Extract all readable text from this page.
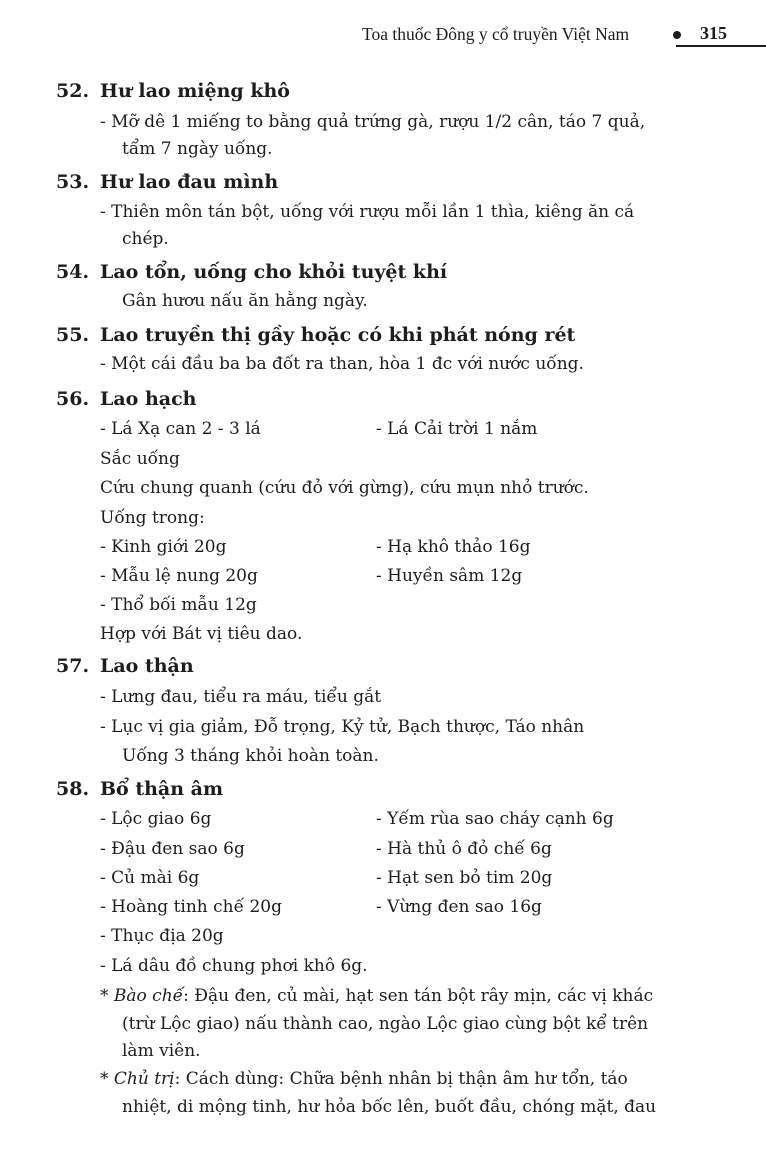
Toa thuốc Đông y cổ truyền Việt Nam	315
52. Hư lao miệng khô
- Mỡ dê 1 miếng to bằng quả trứng gà, rượu 1/2 cân, táo 7 quả,
tẩm 7 ngày uống.
53. Hư lao đau mình
- Thiên môn tán bột, uống với rượu mỗi lần 1 thìa, kiêng ăn cá
chép.
54. Lao tổn, uống cho khỏi tuyệt khí
Gân hươu nấu ăn hằng ngày.
55. Lao truyền thị gầy hoặc có khi phát nóng rét
- Một cái đầu ba ba đốt ra than, hòa 1 đc với nước uống.
56. Lao hạch
- Lá Xạ can 2 - 3 lá	- Lá Cải trời 1 nắm
Sắc uống
Cứu chung quanh (cứu đỏ với gừng), cứu mụn nhỏ trước.
Uống trong:
- Kinh giới 20g	- Hạ khô thảo 16g
- Mẫu lệ nung 20g	- Huyền sâm 12g
- Thổ bối mẫu 12g
Hợp với Bát vị tiêu dao.
57. Lao thận
- Lưng đau, tiểu ra máu, tiểu gắt
- Lục vị gia giảm, Đỗ trọng, Kỷ tử, Bạch thược, Táo nhân
Uống 3 tháng khỏi hoàn toàn.
58. Bổ thận âm
- Lộc giao 6g	- Yếm rùa sao cháy cạnh 6g
- Đậu đen sao 6g	- Hà thủ ô đỏ chế 6g
- Củ mài 6g	- Hạt sen bỏ tim 20g
- Hoàng tinh chế 20g	- Vừng đen sao 16g
- Thục địa 20g
- Lá dâu đồ chung phơi khô 6g.
* Bào chế: Đậu đen, củ mài, hạt sen tán bột rây mịn, các vị khác
(trừ Lộc giao) nấu thành cao, ngào Lộc giao cùng bột kể trên
làm viên.
* Chủ trị: Cách dùng: Chữa bệnh nhân bị thận âm hư tổn, táo
nhiệt, di mộng tinh, hư hỏa bốc lên, buốt đầu, chóng mặt, đau
